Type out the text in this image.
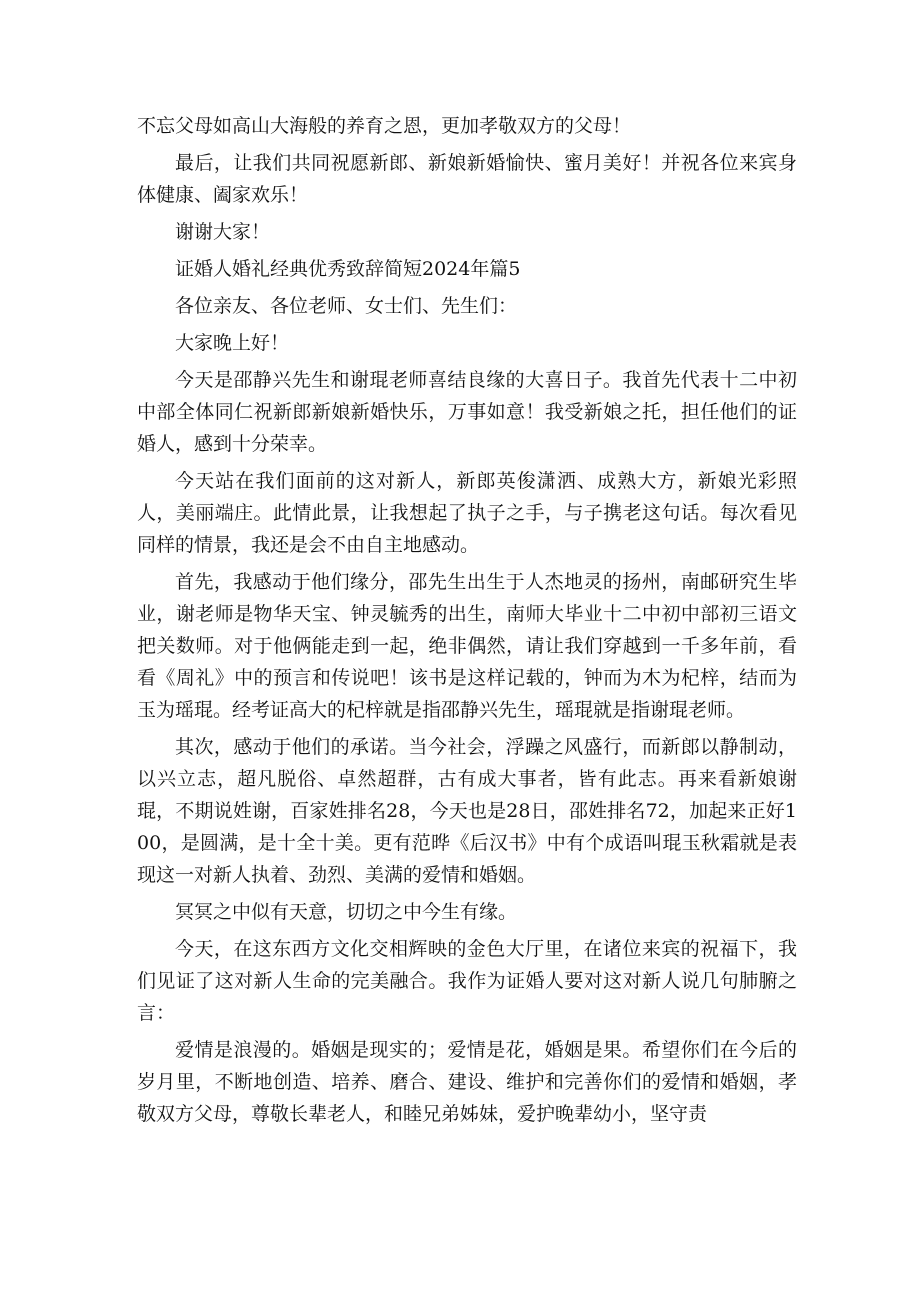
不忘父母如高山大海般的养育之恩，更加孝敬双方的父母！

最后，让我们共同祝愿新郎、新娘新婚愉快、蜜月美好！并祝各位来宾身体健康、阖家欢乐！

谢谢大家！

证婚人婚礼经典优秀致辞简短2024年篇5

各位亲友、各位老师、女士们、先生们：

大家晚上好！

今天是邵静兴先生和谢琨老师喜结良缘的大喜日子。我首先代表十二中初中部全体同仁祝新郎新娘新婚快乐，万事如意！我受新娘之托，担任他们的证婚人，感到十分荣幸。

今天站在我们面前的这对新人，新郎英俊潇洒、成熟大方，新娘光彩照人，美丽端庄。此情此景，让我想起了执子之手，与子携老这句话。每次看见同样的情景，我还是会不由自主地感动。

首先，我感动于他们缘分，邵先生出生于人杰地灵的扬州，南邮研究生毕业，谢老师是物华天宝、钟灵毓秀的出生，南师大毕业十二中初中部初三语文把关数师。对于他俩能走到一起，绝非偶然，请让我们穿越到一千多年前，看看《周礼》中的预言和传说吧！该书是这样记载的，钟而为木为杞梓，结而为玉为瑶琨。经考证高大的杞梓就是指邵静兴先生，瑶琨就是指谢琨老师。

其次，感动于他们的承诺。当今社会，浮躁之风盛行，而新郎以静制动，以兴立志，超凡脱俗、卓然超群，古有成大事者，皆有此志。再来看新娘谢琨，不期说姓谢，百家姓排名28，今天也是28日，邵姓排名72，加起来正好100，是圆满，是十全十美。更有范晔《后汉书》中有个成语叫琨玉秋霜就是表现这一对新人执着、劲烈、美满的爱情和婚姻。

冥冥之中似有天意，切切之中今生有缘。

今天，在这东西方文化交相辉映的金色大厅里，在诸位来宾的祝福下，我们见证了这对新人生命的完美融合。我作为证婚人要对这对新人说几句肺腑之言：

爱情是浪漫的。婚姻是现实的；爱情是花，婚姻是果。希望你们在今后的岁月里，不断地创造、培养、磨合、建设、维护和完善你们的爱情和婚姻，孝敬双方父母，尊敬长辈老人，和睦兄弟姊妹，爱护晚辈幼小，坚守责
